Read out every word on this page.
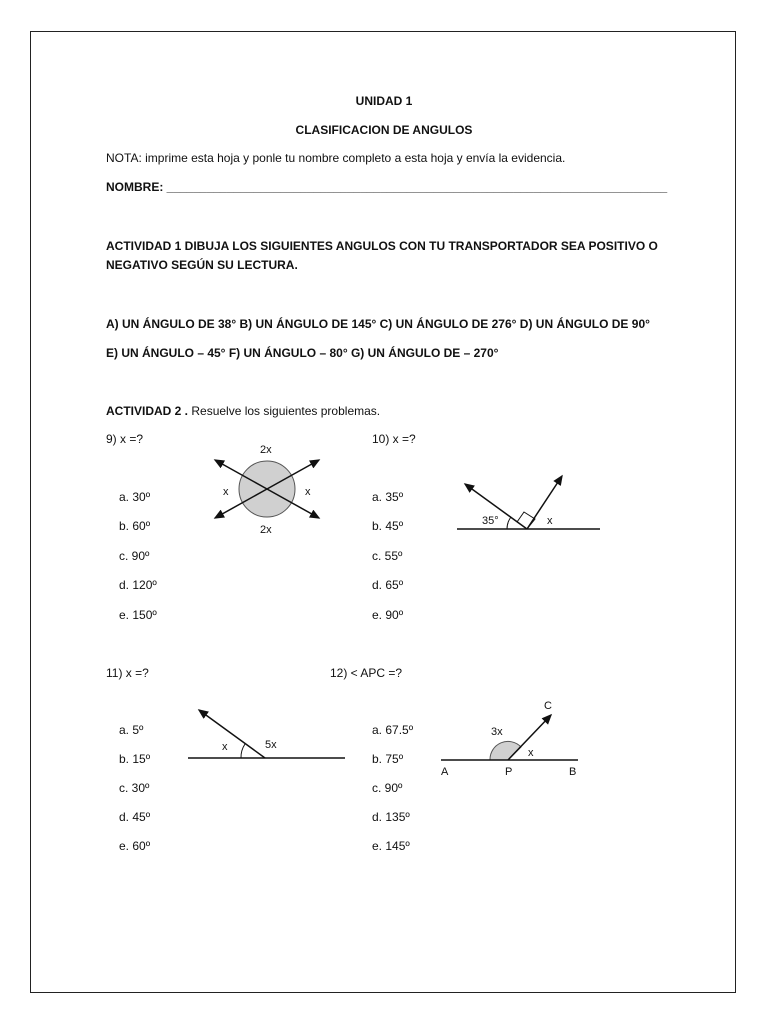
UNIDAD 1
CLASIFICACION DE ANGULOS
NOTA: imprime esta hoja y ponle tu nombre completo a esta hoja y envía la evidencia.
NOMBRE: ___________________________________________________________________________
ACTIVIDAD 1 DIBUJA LOS SIGUIENTES ANGULOS CON TU TRANSPORTADOR SEA POSITIVO O
NEGATIVO SEGÚN SU LECTURA.
A) UN ÁNGULO DE 38° B) UN ÁNGULO DE 145° C) UN ÁNGULO DE 276° D) UN ÁNGULO DE 90°
E) UN ÁNGULO – 45° F) UN ÁNGULO – 80° G) UN ÁNGULO DE – 270°
ACTIVIDAD 2 . Resuelve los siguientes problemas.
9) x =?
a. 30º
b. 60º
c. 90º
d. 120º
e. 150º
2x
2x
x	x
10) x =?
a. 35º
b. 45º
c. 55º
d. 65º
e. 90º
35°	x
11) x =?
a. 5º
b. 15º
c. 30º
d. 45º
e. 60º
x	5x
12) < APC =?
a. 67.5º
b. 75º
c. 90º
d. 135º
e. 145º
3x
x
A	P	B
C
